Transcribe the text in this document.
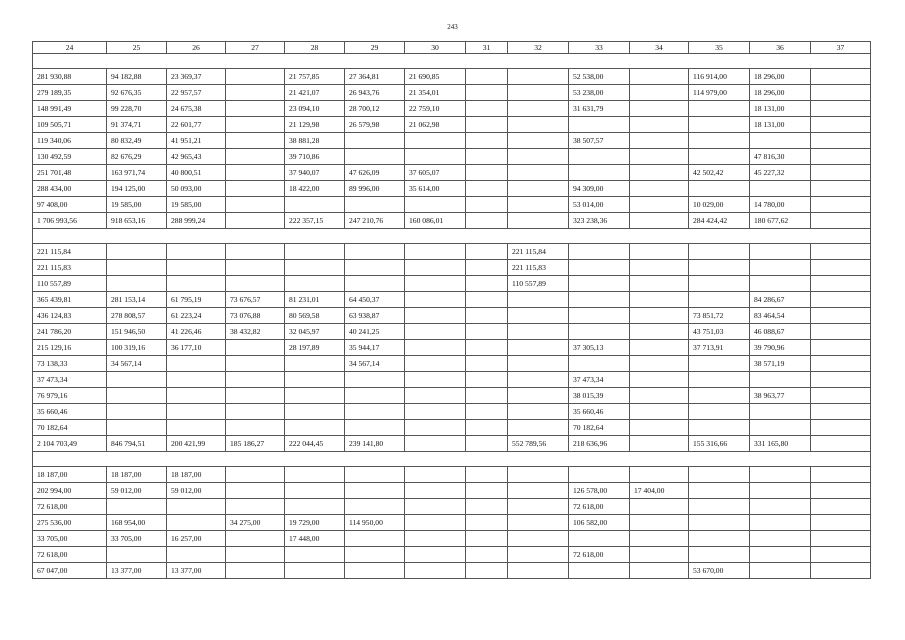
243
24	25	26	27	28	29	30	31	32	33	34	35	36	37

281 930,88	94 182,88	23 369,37		21 757,85	27 364,81	21 690,85			52 538,00		116 914,00	18 296,00	
279 189,35	92 676,35	22 957,57		21 421,07	26 943,76	21 354,01			53 238,00		114 979,00	18 296,00	
148 991,49	99 228,70	24 675,38		23 094,10	28 700,12	22 759,10			31 631,79			18 131,00	
109 505,71	91 374,71	22 601,77		21 129,98	26 579,98	21 062,98						18 131,00	
119 340,06	80 832,49	41 951,21		38 881,28					38 507,57				
130 492,59	82 676,29	42 965,43		39 710,86								47 816,30	
251 701,48	163 971,74	40 800,51		37 940,07	47 626,09	37 605,07					42 502,42	45 227,32	
288 434,00	194 125,00	50 093,00		18 422,00	89 996,00	35 614,00			94 309,00				
97 408,00	19 585,00	19 585,00							53 014,00		10 029,00	14 780,00	
1 706 993,56	918 653,16	288 999,24		222 357,15	247 210,76	160 086,01			323 238,36		284 424,42	180 677,62	

221 115,84								221 115,84					
221 115,83								221 115,83					
110 557,89								110 557,89					
365 439,81	281 153,14	61 795,19	73 676,57	81 231,01	64 450,37							84 286,67	
436 124,83	278 808,57	61 223,24	73 076,88	80 569,58	63 938,87						73 851,72	83 464,54	
241 786,20	151 946,50	41 226,46	38 432,82	32 045,97	40 241,25						43 751,03	46 088,67	
215 129,16	100 319,16	36 177,10		28 197,89	35 944,17				37 305,13		37 713,91	39 790,96	
73 138,33	34 567,14				34 567,14							38 571,19	
37 473,34									37 473,34				
76 979,16									38 015,39			38 963,77	
35 660,46									35 660,46				
70 182,64									70 182,64				
2 104 703,49	846 794,51	200 421,99	185 186,27	222 044,45	239 141,80			552 789,56	218 636,96		155 316,66	331 165,80	

18 187,00	18 187,00	18 187,00											
202 994,00	59 012,00	59 012,00							126 578,00	17 404,00			
72 618,00									72 618,00				
275 536,00	168 954,00		34 275,00	19 729,00	114 950,00				106 582,00				
33 705,00	33 705,00	16 257,00		17 448,00									
72 618,00									72 618,00				
67 047,00	13 377,00	13 377,00									53 670,00		
